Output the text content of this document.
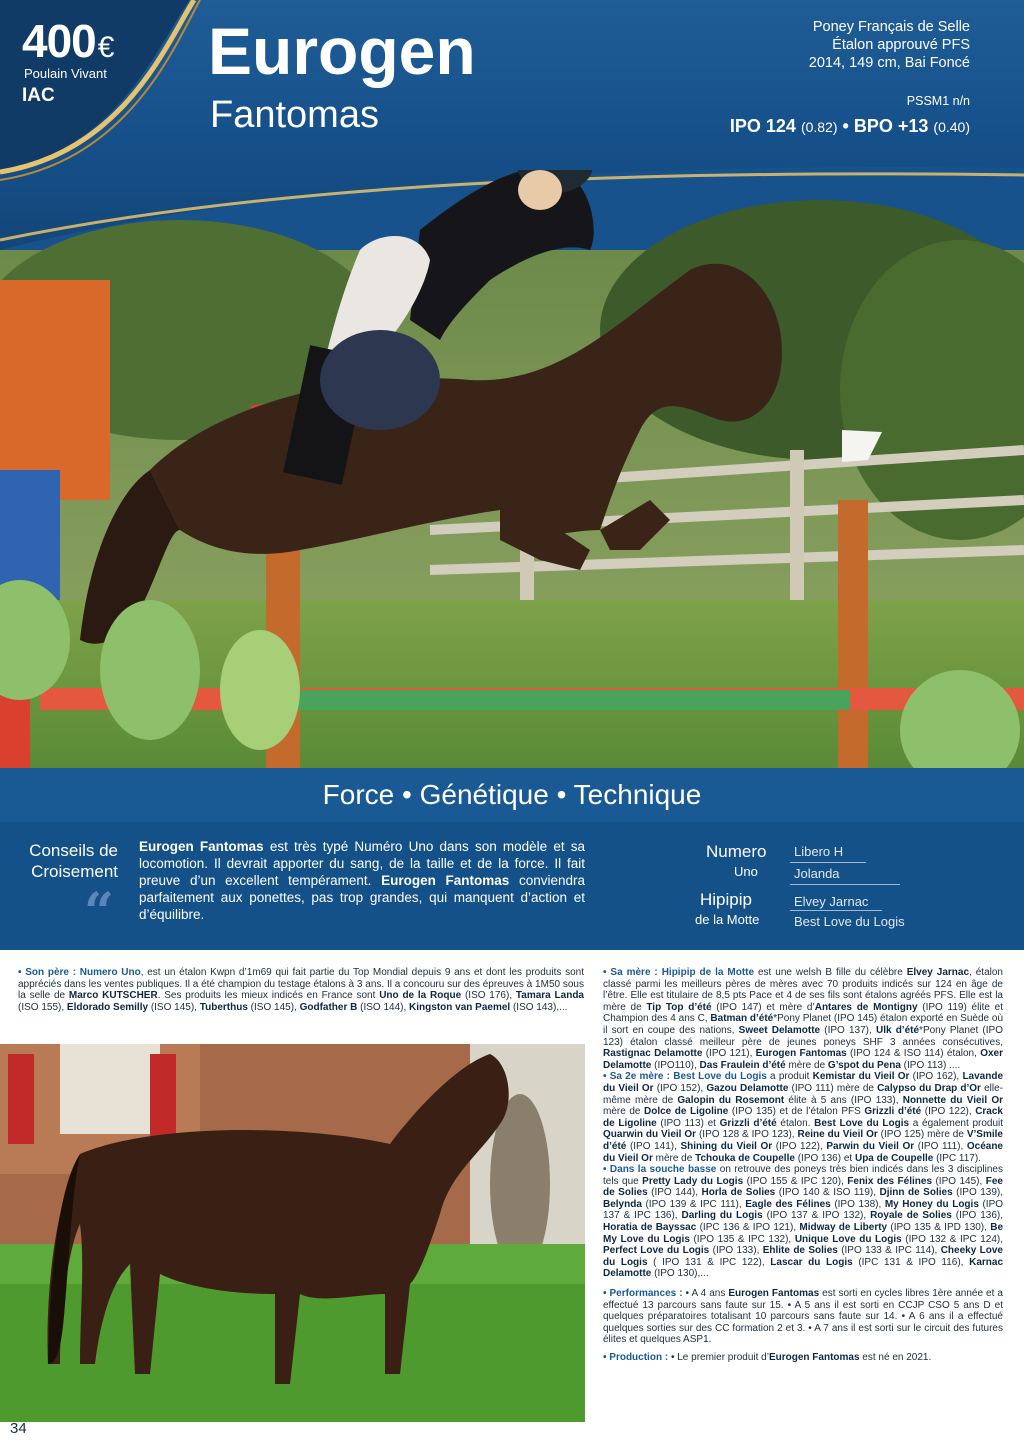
400€
Poulain Vivant
IAC
Eurogen
Fantomas
Poney Français de Selle
Étalon approuvé PFS
2014, 149 cm, Bai Foncé
PSSM1 n/n
IPO 124 (0.82) • BPO +13 (0.40)
Force • Génétique • Technique
Conseils de
Croisement
“
Eurogen Fantomas est très typé Numéro Uno dans son modèle et sa locomotion. Il devrait apporter du sang, de la taille et de la force. Il fait preuve d’un excellent tempérament. Eurogen Fantomas conviendra parfaitement aux ponettes, pas trop grandes, qui manquent d’action et d’équilibre.
Numero
Uno
Libero H
Jolanda
Hipipip
de la Motte
Elvey Jarnac
Best Love du Logis
• Son père : Numero Uno, est un étalon Kwpn d’1m69 qui fait partie du Top Mondial depuis 9 ans et dont les produits sont appréciés dans les ventes publiques. Il a été champion du testage étalons à 3 ans. Il a concouru sur des épreuves à 1M50 sous la selle de Marco KUTSCHER. Ses produits les mieux indicés en France sont Uno de la Roque (ISO 176), Tamara Landa (ISO 155), Eldorado Semilly (ISO 145), Tuberthus (ISO 145), Godfather B (ISO 144), Kingston van Paemel (ISO 143),...

• Sa mère : Hipipip de la Motte est une welsh B fille du célèbre Elvey Jarnac, étalon classé parmi les meilleurs pères de mères avec 70 produits indicés sur 124 en âge de l’être. Elle est titulaire de 8,5 pts Pace et 4 de ses fils sont étalons agréés PFS. Elle est la mère de Tip Top d’été (IPO 147) et mère d’Antares de Montigny (IPO 119) élite et Champion des 4 ans C, Batman d’été*Pony Planet (IPO 145) étalon exporté en Suède où il sort en coupe des nations, Sweet Delamotte (IPO 137), Ulk d’été*Pony Planet (IPO 123) étalon classé meilleur père de jeunes poneys SHF 3 années consécutives, Rastignac Delamotte (IPO 121), Eurogen Fantomas (IPO 124 & ISO 114) étalon, Oxer Delamotte (IPO110), Das Fraulein d’été mère de G’spot du Pena (IPO 113) ....

• Sa 2e mère : Best Love du Logis a produit Kemistar du Vieil Or (IPO 162), Lavande du Vieil Or (IPO 152), Gazou Delamotte (IPO 111) mère de Calypso du Drap d’Or elle-même mère de Galopin du Rosemont élite à 5 ans (IPO 133), Nonnette du Vieil Or mère de Dolce de Ligoline (IPO 135) et de l’étalon PFS Grizzli d’été (IPO 122), Crack de Ligoline (IPO 113) et Grizzli d’été étalon. Best Love du Logis a également produit Quarwin du Vieil Or (IPO 128 & IPO 123), Reine du Vieil Or (IPO 125) mère de V’Smile d’été (IPO 141), Shining du Vieil Or (IPO 122), Parwin du Vieil Or (IPO 111), Océane du Vieil Or mère de Tchouka de Coupelle (IPO 136) et Upa de Coupelle (IPC 117).

• Dans la souche basse on retrouve des poneys très bien indicés dans les 3 disciplines tels que Pretty Lady du Logis (IPO 155 & IPC 120), Fenix des Félines (IPO 145), Fee de Solies (IPO 144), Horla de Solies (IPO 140 & ISO 119), Djinn de Solies (IPO 139), Belynda (IPO 139 & IPC 111), Eagle des Félines (IPO 138), My Honey du Logis (IPO 137 & IPC 136), Darling du Logis (IPO 137 & IPO 132), Royale de Solies (IPO 136), Horatia de Bayssac (IPC 136 & IPO 121), Midway de Liberty (IPO 135 & IPD 130), Be My Love du Logis (IPO 135 & IPC 132), Unique Love du Logis (IPO 132 & IPC 124), Perfect Love du Logis (IPO 133), Ehlite de Solies (IPO 133 & IPC 114), Cheeky Love du Logis ( IPO 131 & IPC 122), Lascar du Logis (IPC 131 & IPO 116), Karnac Delamotte (IPO 130),...

• Performances : • A 4 ans Eurogen Fantomas est sorti en cycles libres 1ère année et a effectué 13 parcours sans faute sur 15. • A 5 ans il est sorti en CCJP CSO 5 ans D et quelques préparatoires totalisant 10 parcours sans faute sur 14. • A 6 ans il a effectué quelques sorties sur des CC formation 2 et 3. • A 7 ans il est sorti sur le circuit des futures élites et quelques ASP1.

• Production : • Le premier produit d’Eurogen Fantomas est né en 2021.

34
